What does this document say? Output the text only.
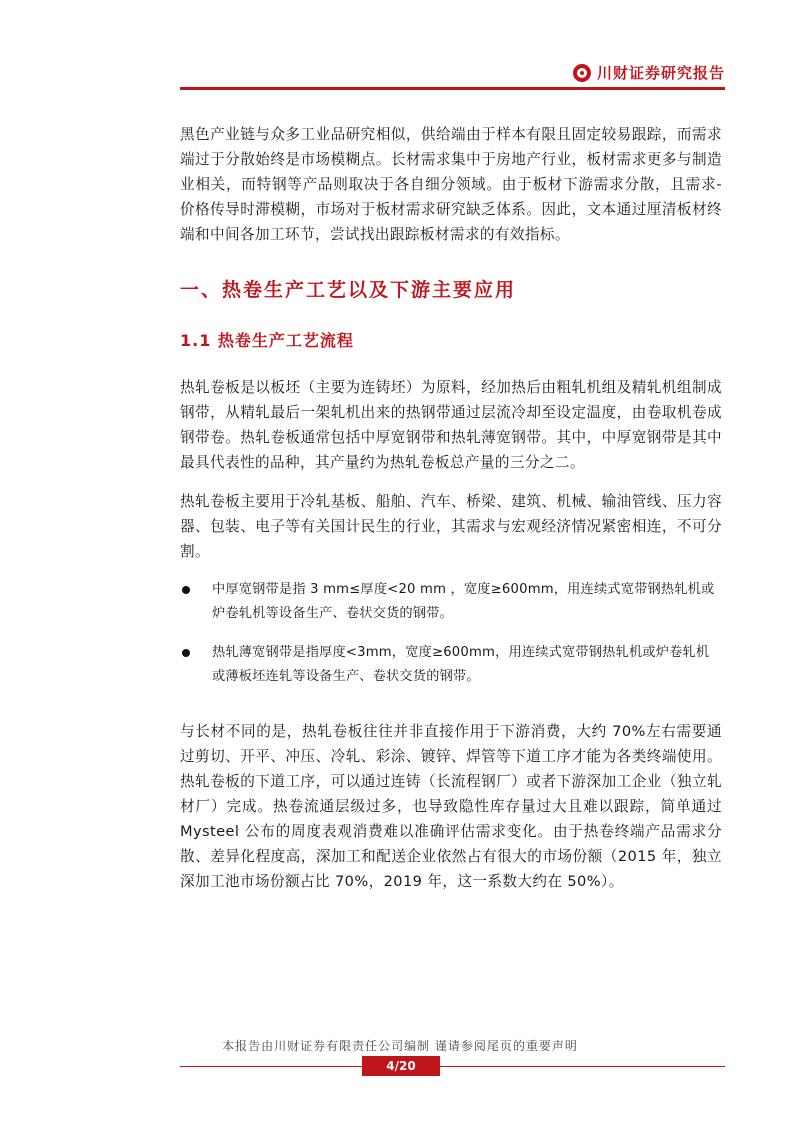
川财证券研究报告

黑色产业链与众多工业品研究相似，供给端由于样本有限且固定较易跟踪，而需求端过于分散始终是市场模糊点。长材需求集中于房地产行业，板材需求更多与制造业相关，而特钢等产品则取决于各自细分领域。由于板材下游需求分散，且需求-价格传导时滞模糊，市场对于板材需求研究缺乏体系。因此，文本通过厘清板材终端和中间各加工环节，尝试找出跟踪板材需求的有效指标。

一、热卷生产工艺以及下游主要应用
1.1 热卷生产工艺流程

热轧卷板是以板坯（主要为连铸坯）为原料，经加热后由粗轧机组及精轧机组制成钢带，从精轧最后一架轧机出来的热钢带通过层流冷却至设定温度，由卷取机卷成钢带卷。热轧卷板通常包括中厚宽钢带和热轧薄宽钢带。其中，中厚宽钢带是其中最具代表性的品种，其产量约为热轧卷板总产量的三分之二。

热轧卷板主要用于冷轧基板、船舶、汽车、桥梁、建筑、机械、输油管线、压力容器、包装、电子等有关国计民生的行业，其需求与宏观经济情况紧密相连，不可分割。

中厚宽钢带是指 3 mm≤厚度<20 mm ，宽度≥600mm，用连续式宽带钢热轧机或炉卷轧机等设备生产、卷状交货的钢带。
热轧薄宽钢带是指厚度<3mm，宽度≥600mm，用连续式宽带钢热轧机或炉卷轧机或薄板坯连轧等设备生产、卷状交货的钢带。

与长材不同的是，热轧卷板往往并非直接作用于下游消费，大约 70%左右需要通过剪切、开平、冲压、冷轧、彩涂、镀锌、焊管等下道工序才能为各类终端使用。热轧卷板的下道工序，可以通过连铸（长流程钢厂）或者下游深加工企业（独立轧材厂）完成。热卷流通层级过多，也导致隐性库存量过大且难以跟踪，简单通过 Mysteel 公布的周度表观消费难以准确评估需求变化。由于热卷终端产品需求分散、差异化程度高，深加工和配送企业依然占有很大的市场份额（2015 年，独立深加工池市场份额占比 70%，2019 年，这一系数大约在 50%）。

本报告由川财证券有限责任公司编制 谨请参阅尾页的重要声明
4/20
